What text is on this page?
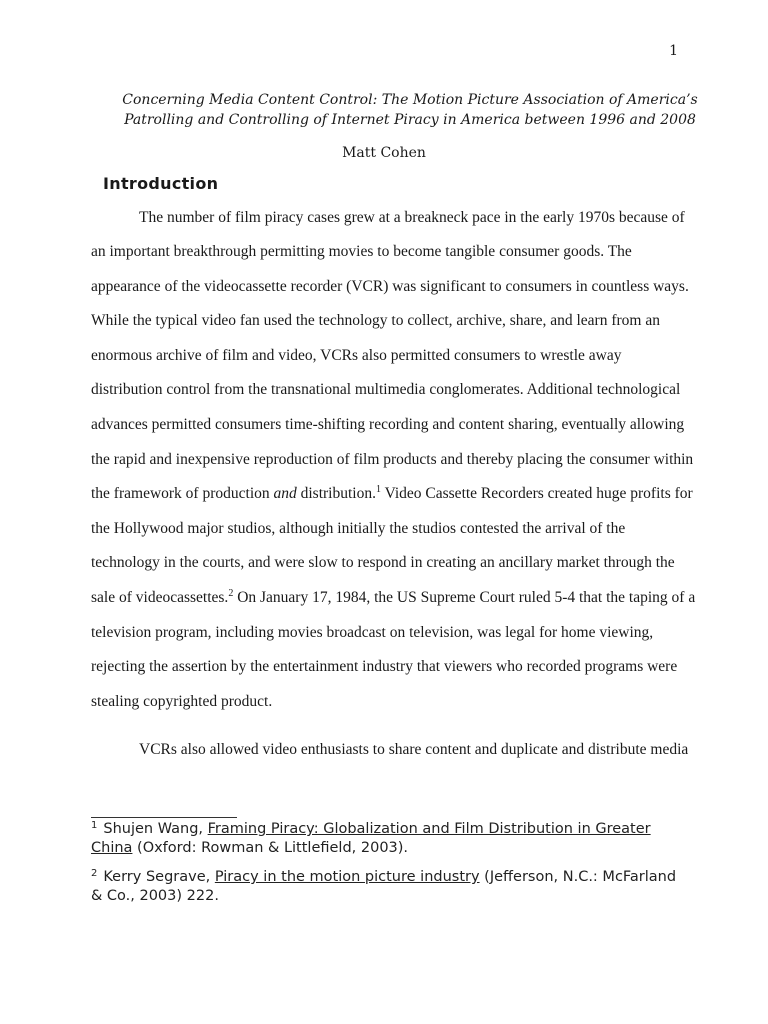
1
Concerning Media Content Control: The Motion Picture Association of America’s
Patrolling and Controlling of Internet Piracy in America between 1996 and 2008
Matt Cohen
Introduction
The number of film piracy cases grew at a breakneck pace in the early 1970s because of
an important breakthrough permitting movies to become tangible consumer goods. The
appearance of the videocassette recorder (VCR) was significant to consumers in countless ways.
While the typical video fan used the technology to collect, archive, share, and learn from an
enormous archive of film and video, VCRs also permitted consumers to wrestle away
distribution control from the transnational multimedia conglomerates. Additional technological
advances permitted consumers time-shifting recording and content sharing, eventually allowing
the rapid and inexpensive reproduction of film products and thereby placing the consumer within
the framework of production and distribution.$^1$ Video Cassette Recorders created huge profits for
the Hollywood major studios, although initially the studios contested the arrival of the
technology in the courts, and were slow to respond in creating an ancillary market through the
sale of videocassettes.$^2$ On January 17, 1984, the US Supreme Court ruled 5-4 that the taping of a
television program, including movies broadcast on television, was legal for home viewing,
rejecting the assertion by the entertainment industry that viewers who recorded programs were
stealing copyrighted product.
VCRs also allowed video enthusiasts to share content and duplicate and distribute media
$^1$ Shujen Wang, Framing Piracy: Globalization and Film Distribution in Greater China (Oxford: Rowman & Littlefield, 2003).
$^2$ Kerry Segrave, Piracy in the motion picture industry (Jefferson, N.C.: McFarland & Co., 2003) 222.
